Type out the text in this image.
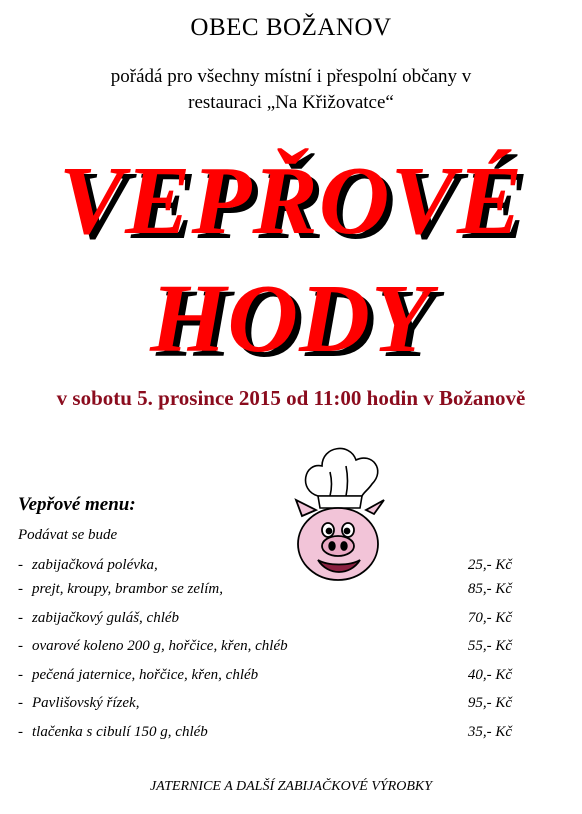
OBEC BOŽANOV
pořádá pro všechny místní i přespolní občany v
restauraci „Na Křižovatce“
VEPŘOVÉ
HODY
v sobotu 5. prosince 2015 od 11:00 hodin v Božanově
Vepřové menu:
Podávat se bude
- zabijačková polévka,	25,- Kč
- prejt, kroupy, brambor se zelím,	85,- Kč
- zabijačkový guláš, chléb	70,- Kč
- ovarové koleno 200 g, hořčice, křen, chléb	55,- Kč
- pečená jaternice, hořčice, křen, chléb	40,- Kč
- Pavlišovský řízek,	95,- Kč
- tlačenka s cibulí 150 g, chléb	35,- Kč
JATERNICE A DALŠÍ ZABIJAČKOVÉ VÝROBKY
